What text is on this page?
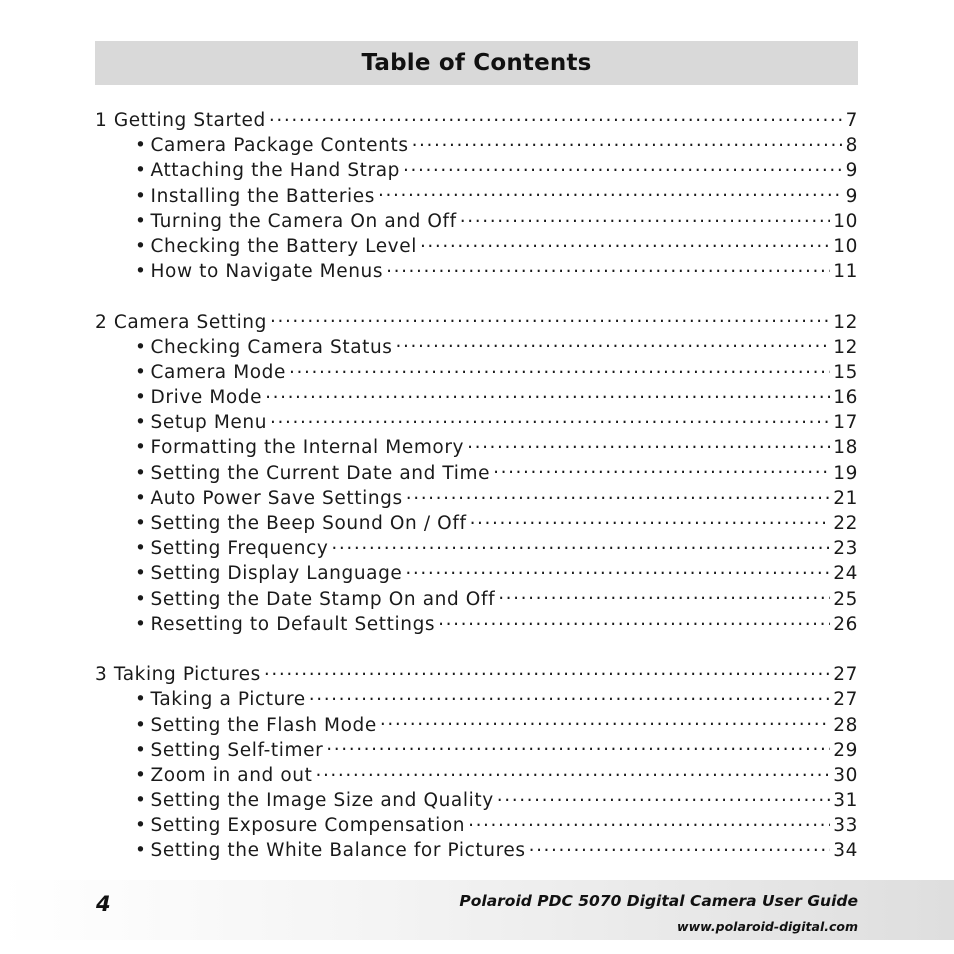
Table of Contents
1 Getting Started .....	7
• Camera Package Contents .....	8
• Attaching the Hand Strap .....	9
• Installing the Batteries .....	9
• Turning the Camera On and Off .....	10
• Checking the Battery Level .....	10
• How to Navigate Menus .....	11
2 Camera Setting .....	12
• Checking Camera Status .....	12
• Camera Mode .....	15
• Drive Mode .....	16
• Setup Menu .....	17
• Formatting the Internal Memory .....	18
• Setting the Current Date and Time .....	19
• Auto Power Save Settings .....	21
• Setting the Beep Sound On / Off .....	22
• Setting Frequency .....	23
• Setting Display Language .....	24
• Setting the Date Stamp On and Off .....	25
• Resetting to Default Settings .....	26
3 Taking Pictures .....	27
• Taking a Picture .....	27
• Setting the Flash Mode .....	28
• Setting Self-timer .....	29
• Zoom in and out .....	30
• Setting the Image Size and Quality .....	31
• Setting Exposure Compensation .....	33
• Setting the White Balance for Pictures .....	34
4	Polaroid PDC 5070 Digital Camera User Guide
www.polaroid-digital.com
